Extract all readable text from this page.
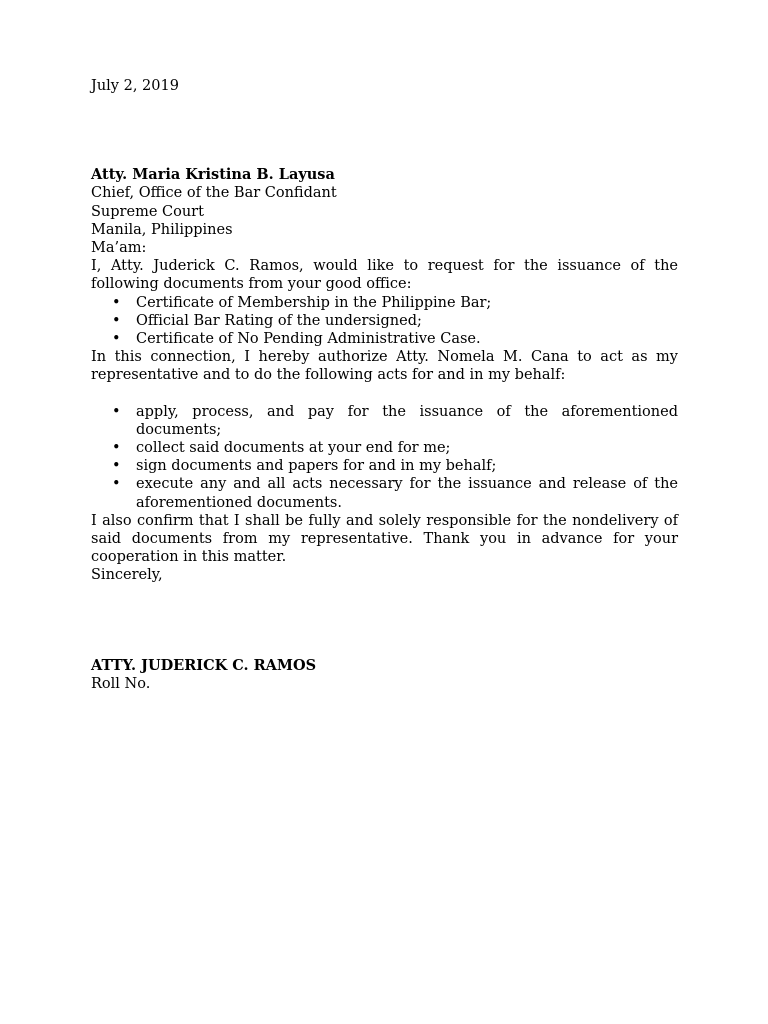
July 2, 2019

Atty. Maria Kristina B. Layusa

Chief, Office of the Bar Confidant

Supreme Court

Manila, Philippines

Ma’am:

I, Atty. Juderick C. Ramos, would like to request for the issuance of the following documents from your good office:

• Certificate of Membership in the Philippine Bar;
• Official Bar Rating of the undersigned;
• Certificate of No Pending Administrative Case.

In this connection, I hereby authorize Atty. Nomela M. Cana to act as my representative and to do the following acts for and in my behalf:

• apply, process, and pay for the issuance of the aforementioned documents;
• collect said documents at your end for me;
• sign documents and papers for and in my behalf;
• execute any and all acts necessary for the issuance and release of the aforementioned documents.

I also confirm that I shall be fully and solely responsible for the nondelivery of said documents from my representative. Thank you in advance for your cooperation in this matter.

Sincerely,

ATTY. JUDERICK C. RAMOS

Roll No.
